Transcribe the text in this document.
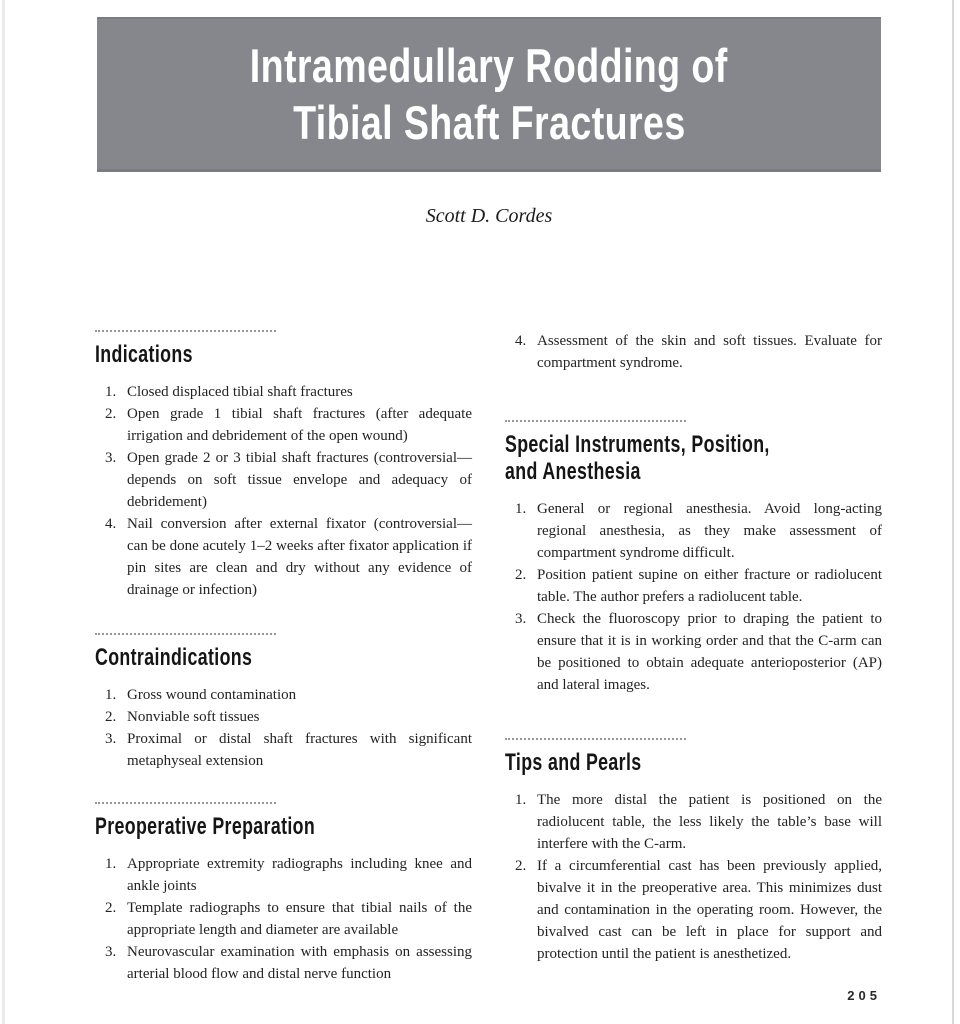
Intramedullary Rodding of
Tibial Shaft Fractures
Scott D. Cordes
Indications
1. Closed displaced tibial shaft fractures
2. Open grade 1 tibial shaft fractures (after adequate irrigation and debridement of the open wound)
3. Open grade 2 or 3 tibial shaft fractures (controversial—depends on soft tissue envelope and adequacy of debridement)
4. Nail conversion after external fixator (controversial—can be done acutely 1–2 weeks after fixator application if pin sites are clean and dry without any evidence of drainage or infection)
Contraindications
1. Gross wound contamination
2. Nonviable soft tissues
3. Proximal or distal shaft fractures with significant metaphyseal extension
Preoperative Preparation
1. Appropriate extremity radiographs including knee and ankle joints
2. Template radiographs to ensure that tibial nails of the appropriate length and diameter are available
3. Neurovascular examination with emphasis on assessing arterial blood flow and distal nerve function
4. Assessment of the skin and soft tissues. Evaluate for compartment syndrome.
Special Instruments, Position,
and Anesthesia
1. General or regional anesthesia. Avoid long-acting regional anesthesia, as they make assessment of compartment syndrome difficult.
2. Position patient supine on either fracture or radiolucent table. The author prefers a radiolucent table.
3. Check the fluoroscopy prior to draping the patient to ensure that it is in working order and that the C-arm can be positioned to obtain adequate anterioposterior (AP) and lateral images.
Tips and Pearls
1. The more distal the patient is positioned on the radiolucent table, the less likely the table’s base will interfere with the C-arm.
2. If a circumferential cast has been previously applied, bivalve it in the preoperative area. This minimizes dust and contamination in the operating room. However, the bivalved cast can be left in place for support and protection until the patient is anesthetized.
205
